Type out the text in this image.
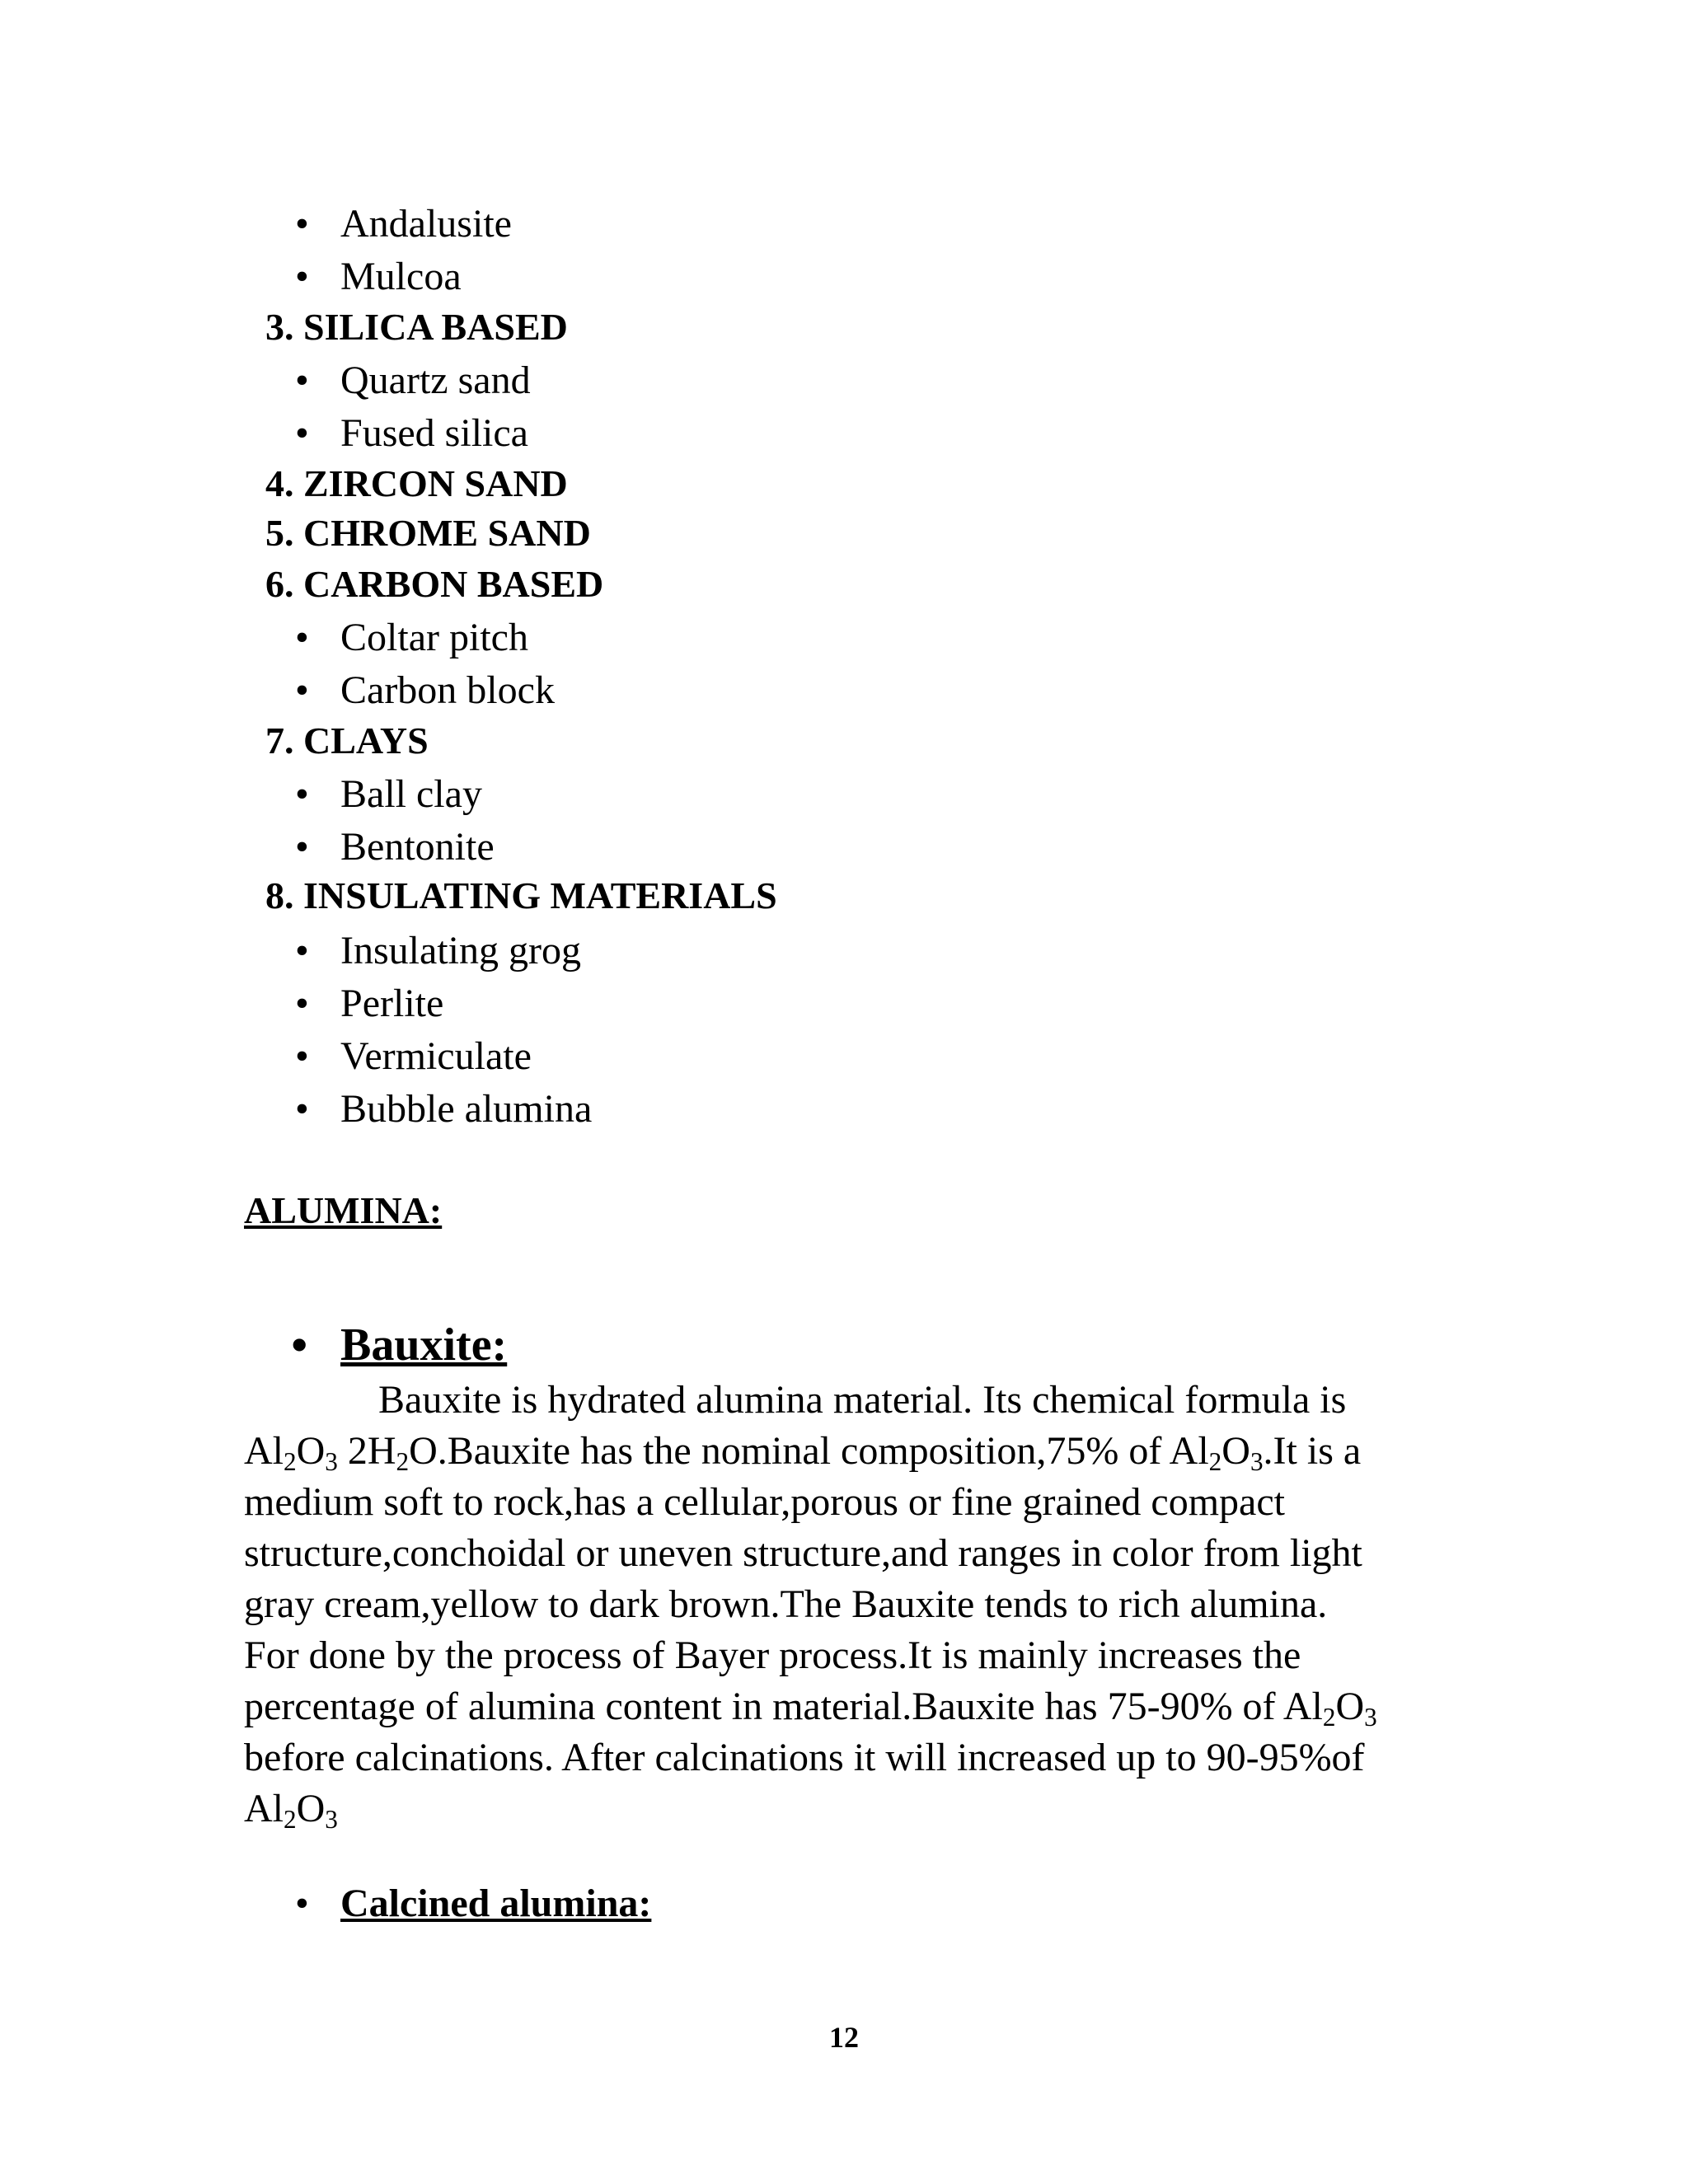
• Andalusite
• Mulcoa
3. SILICA BASED
• Quartz sand
• Fused silica
4. ZIRCON SAND
5. CHROME SAND
6. CARBON BASED
• Coltar pitch
• Carbon block
7. CLAYS
• Ball clay
• Bentonite
8. INSULATING MATERIALS
• Insulating grog
• Perlite
• Vermiculate
• Bubble alumina
ALUMINA:
• Bauxite:

Bauxite is hydrated alumina material. Its chemical formula is

$Al_2O_3$ $2H_2O.Bauxite$ has the nominal composition,75% of $Al_2O_3.It$ is a

medium soft to rock,has a cellular,porous or fine grained compact

structure,conchoidal or uneven structure,and ranges in color from light

gray cream,yellow to dark brown.The Bauxite tends to rich alumina.

For done by the process of Bayer process.It is mainly increases the

percentage of alumina content in material.Bauxite has 75-90% of $Al_2O_3$

before calcinations. After calcinations it will increased up to 90-95%of

$Al_2O_3$

• Calcined alumina:
12
